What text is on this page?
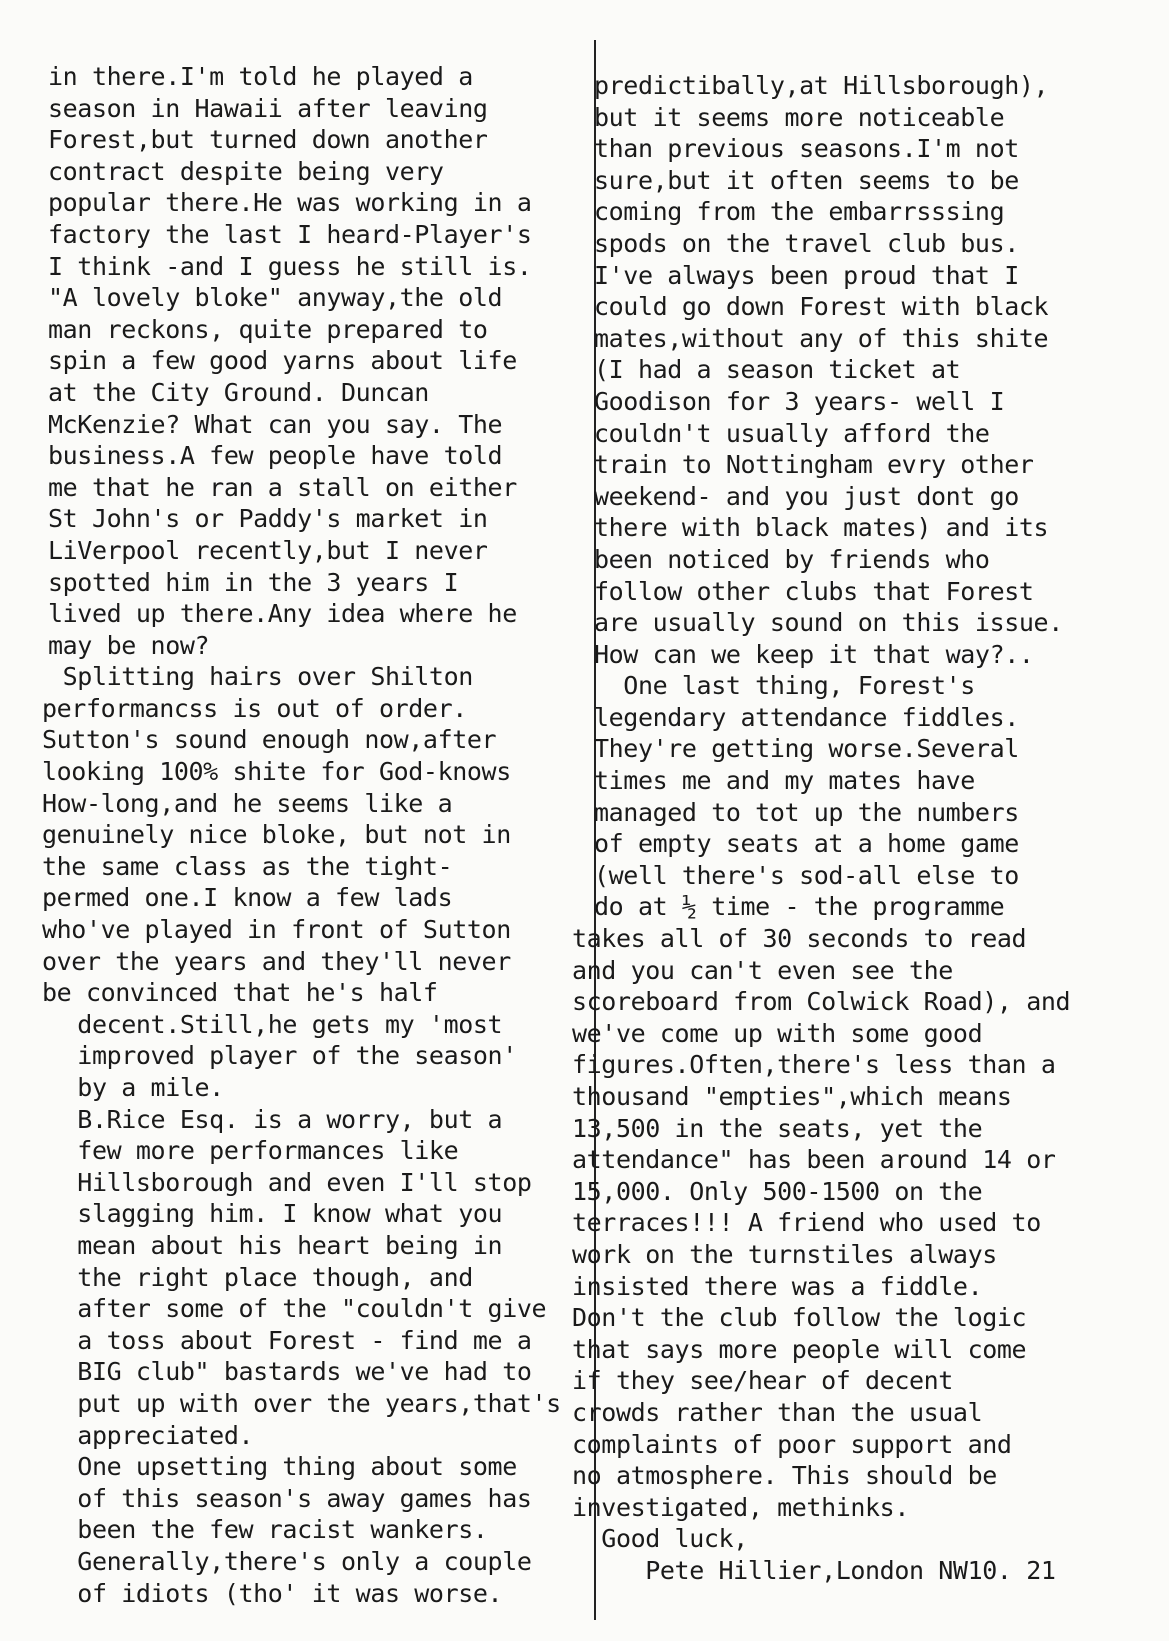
in there.I'm told he played a
season in Hawaii after leaving
Forest,but turned down another
contract despite being very
popular there.He was working in a
factory the last I heard-Player's
I think -and I guess he still is.
"A lovely bloke" anyway,the old
man reckons, quite prepared to
spin a few good yarns about life
at the City Ground. Duncan
McKenzie? What can you say. The
business.A few people have told
me that he ran a stall on either
St John's or Paddy's market in
LiVerpool recently,but I never
spotted him in the 3 years I
lived up there.Any idea where he
may be now?
Splitting hairs over Shilton
performancss is out of order.
Sutton's sound enough now,after
looking 100% shite for God-knows
How-long,and he seems like a
genuinely nice bloke, but not in
the same class as the tight-
permed one.I know a few lads
who've played in front of Sutton
over the years and they'll never
be convinced that he's half
decent.Still,he gets my 'most
improved player of the season'
by a mile.
B.Rice Esq. is a worry, but a
few more performances like
Hillsborough and even I'll stop
slagging him. I know what you
mean about his heart being in
the right place though, and
after some of the "couldn't give
a toss about Forest - find me a
BIG club" bastards we've had to
put up with over the years,that's
appreciated.
One upsetting thing about some
of this season's away games has
been the few racist wankers.
Generally,there's only a couple
of idiots (tho' it was worse.
predictibally,at Hillsborough),
but it seems more noticeable
than previous seasons.I'm not
sure,but it often seems to be
coming from the embarrsssing
spods on the travel club bus.
I've always been proud that I
could go down Forest with black
mates,without any of this shite
(I had a season ticket at
Goodison for 3 years- well I
couldn't usually afford the
train to Nottingham evry other
weekend- and you just dont go
there with black mates) and its
been noticed by friends who
follow other clubs that Forest
are usually sound on this issue.
How can we keep it that way?..
One last thing, Forest's
legendary attendance fiddles.
They're getting worse.Several
times me and my mates have
managed to tot up the numbers
of empty seats at a home game
(well there's sod-all else to
do at ½ time - the programme
takes all of 30 seconds to read
and you can't even see the
scoreboard from Colwick Road), and
we've come up with some good
figures.Often,there's less than a
thousand "empties",which means
13,500 in the seats, yet the
attendance" has been around 14 or
15,000. Only 500-1500 on the
terraces!!! A friend who used to
work on the turnstiles always
insisted there was a fiddle.
Don't the club follow the logic
that says more people will come
if they see/hear of decent
crowds rather than the usual
complaints of poor support and
no atmosphere. This should be
investigated, methinks.
Good luck,
Pete Hillier,London NW10. 21
